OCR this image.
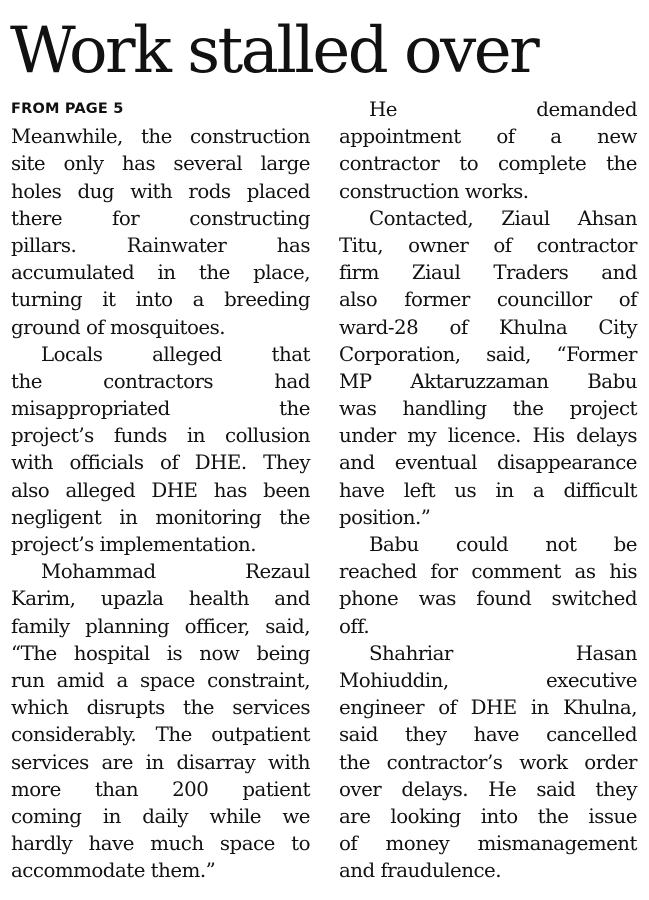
Work stalled over
FROM PAGE 5
Meanwhile, the construction
site only has several large
holes dug with rods placed
there for constructing
pillars. Rainwater has
accumulated in the place,
turning it into a breeding
ground of mosquitoes.
Locals alleged that
the contractors had
misappropriated the
project’s funds in collusion
with officials of DHE. They
also alleged DHE has been
negligent in monitoring the
project’s implementation.
Mohammad Rezaul
Karim, upazla health and
family planning officer, said,
“The hospital is now being
run amid a space constraint,
which disrupts the services
considerably. The outpatient
services are in disarray with
more than 200 patient
coming in daily while we
hardly have much space to
accommodate them.”
He demanded
appointment of a new
contractor to complete the
construction works.
Contacted, Ziaul Ahsan
Titu, owner of contractor
firm Ziaul Traders and
also former councillor of
ward-28 of Khulna City
Corporation, said, “Former
MP Aktaruzzaman Babu
was handling the project
under my licence. His delays
and eventual disappearance
have left us in a difficult
position.”
Babu could not be
reached for comment as his
phone was found switched
off.
Shahriar Hasan
Mohiuddin, executive
engineer of DHE in Khulna,
said they have cancelled
the contractor’s work order
over delays. He said they
are looking into the issue
of money mismanagement
and fraudulence.
